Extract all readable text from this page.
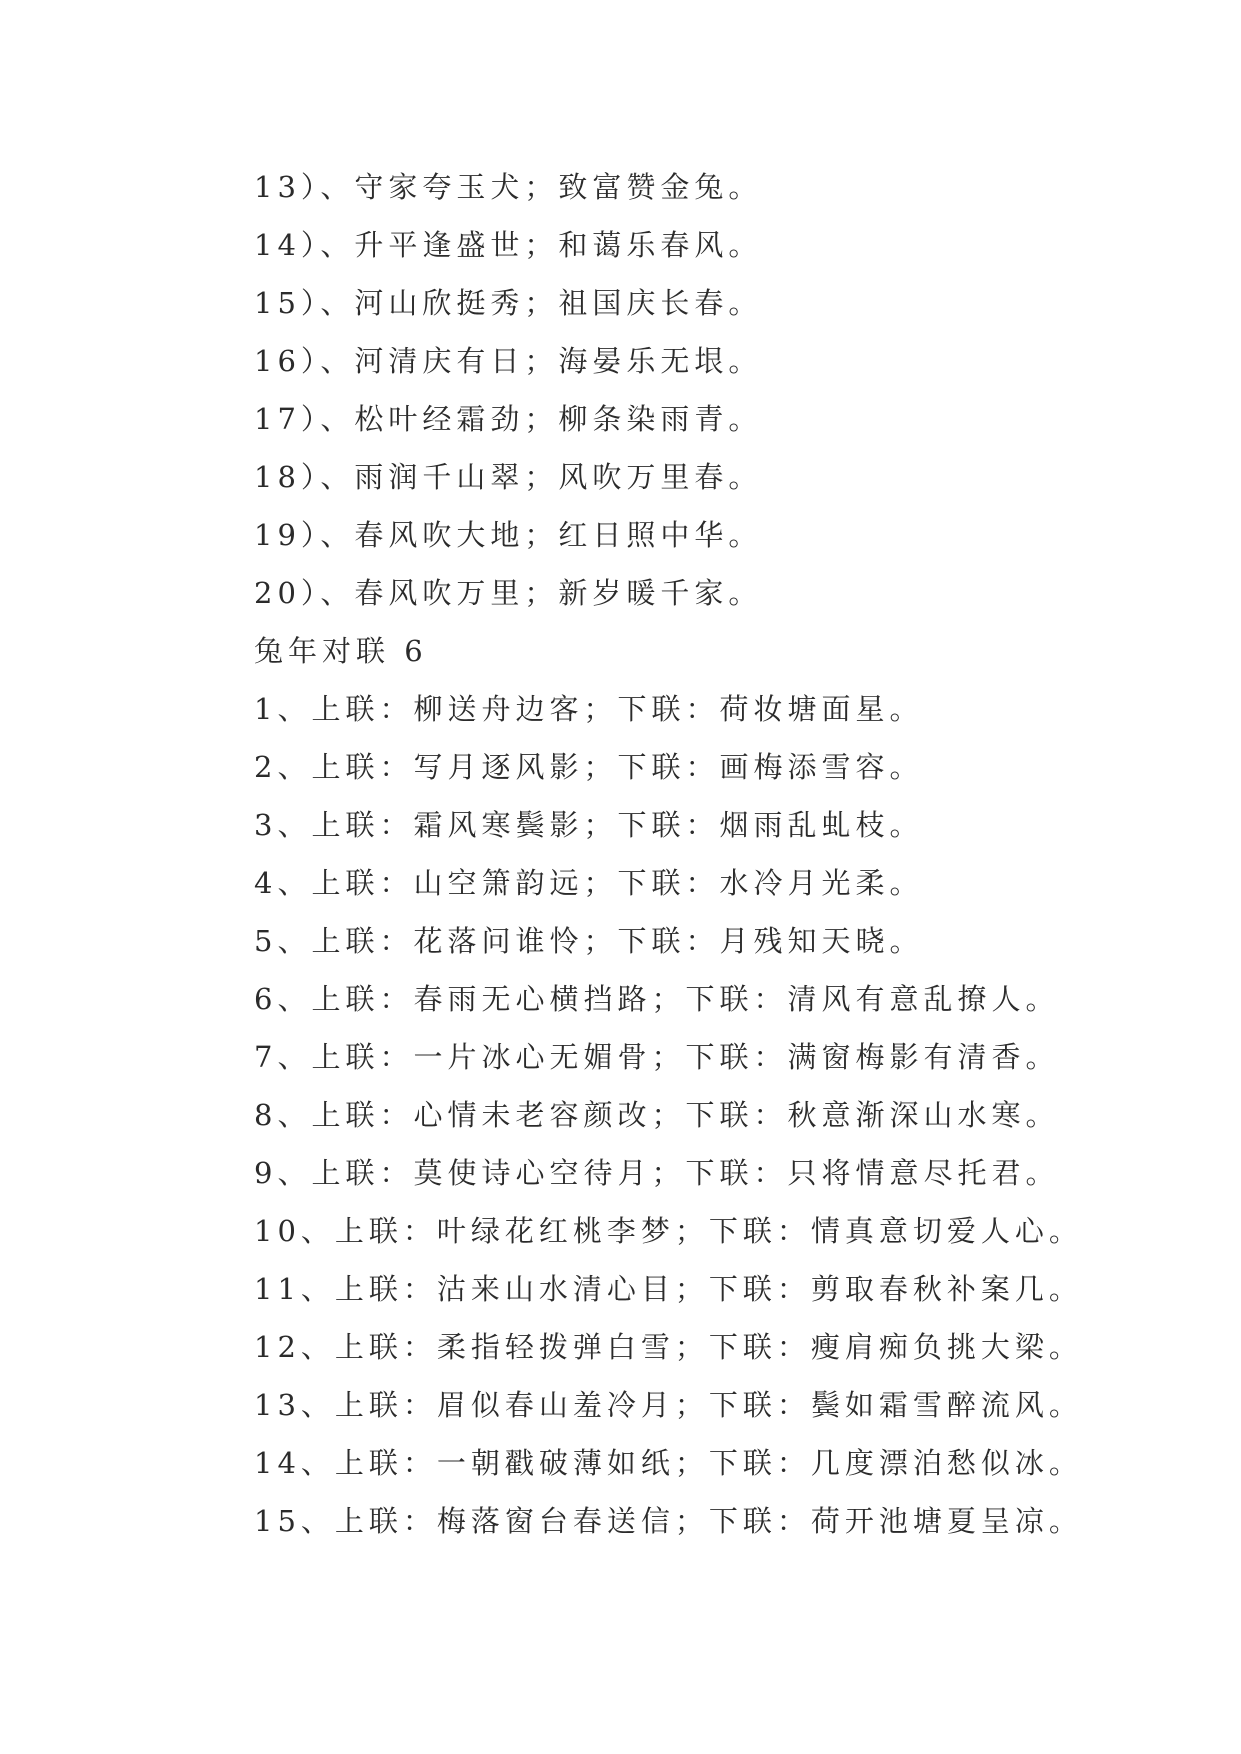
13）、守家夸玉犬；致富赞金兔。
14）、升平逢盛世；和蔼乐春风。
15）、河山欣挺秀；祖国庆长春。
16）、河清庆有日；海晏乐无垠。
17）、松叶经霜劲；柳条染雨青。
18）、雨润千山翠；风吹万里春。
19）、春风吹大地；红日照中华。
20）、春风吹万里；新岁暖千家。
兔年对联 6
1、上联：柳送舟边客；下联：荷妆塘面星。
2、上联：写月逐风影；下联：画梅添雪容。
3、上联：霜风寒鬓影；下联：烟雨乱虬枝。
4、上联：山空箫韵远；下联：水冷月光柔。
5、上联：花落问谁怜；下联：月残知天晓。
6、上联：春雨无心横挡路；下联：清风有意乱撩人。
7、上联：一片冰心无媚骨；下联：满窗梅影有清香。
8、上联：心情未老容颜改；下联：秋意渐深山水寒。
9、上联：莫使诗心空待月；下联：只将情意尽托君。
10、上联：叶绿花红桃李梦；下联：情真意切爱人心。
11、上联：沽来山水清心目；下联：剪取春秋补案几。
12、上联：柔指轻拨弹白雪；下联：瘦肩痴负挑大梁。
13、上联：眉似春山羞冷月；下联：鬓如霜雪醉流风。
14、上联：一朝戳破薄如纸；下联：几度漂泊愁似冰。
15、上联：梅落窗台春送信；下联：荷开池塘夏呈凉。
